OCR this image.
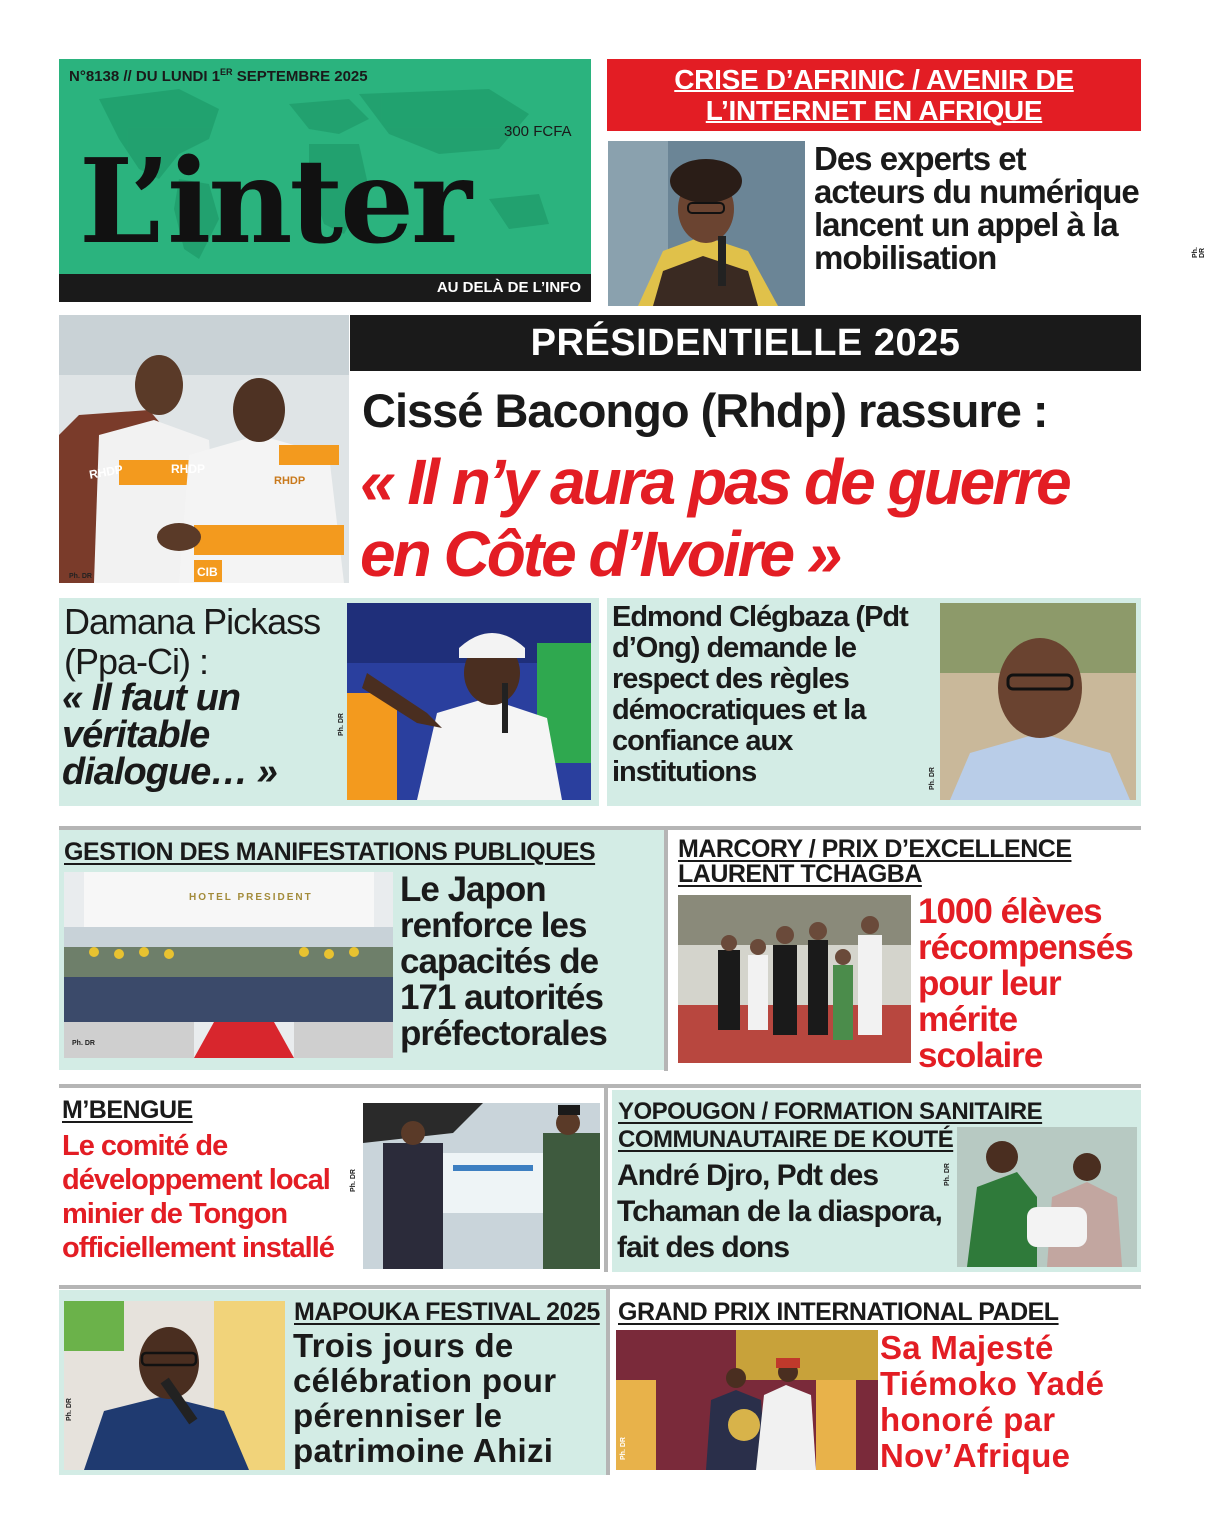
N°8138 // DU LUNDI 1ER SEPTEMBRE 2025
300 FCFA
L’inter
AU DELÀ DE L’INFO
CRISE D’AFRINIC / AVENIR DE L’INTERNET EN AFRIQUE
Des experts et acteurs du numérique lancent un appel à la mobilisation	Ph. DR
RHDP	RHDP
RHDP
CIB
Ph. DR
PRÉSIDENTIELLE 2025
Cissé Bacongo (Rhdp) rassure :
« Il n’y aura pas de guerre en Côte d’Ivoire »
Damana Pickass (Ppa-Ci) :
« Il faut un véritable dialogue… »
Ph. DR
Edmond Clégbaza (Pdt d’Ong) demande le respect des règles démocratiques et la confiance aux institutions	Ph. DR
GESTION DES MANIFESTATIONS PUBLIQUES
HOTEL PRESIDENT
Ph. DR
Le Japon renforce les capacités de 171 autorités préfectorales
MARCORY / PRIX D’EXCELLENCE LAURENT TCHAGBA
1000 élèves récompensés pour leur mérite scolaire
M’BENGUE
Le comité de développement local minier de Tongon officiellement installé
Ph. DR
YOPOUGON / FORMATION SANITAIRE COMMUNAUTAIRE DE KOUTÉ
André Djro, Pdt des Tchaman de la diaspora, fait des dons
Ph. DR
Ph. DR
MAPOUKA FESTIVAL 2025
Trois jours de célébration pour pérenniser le patrimoine Ahizi
GRAND PRIX INTERNATIONAL PADEL
Ph. DR
Sa Majesté Tiémoko Yadé honoré par Nov’Afrique
